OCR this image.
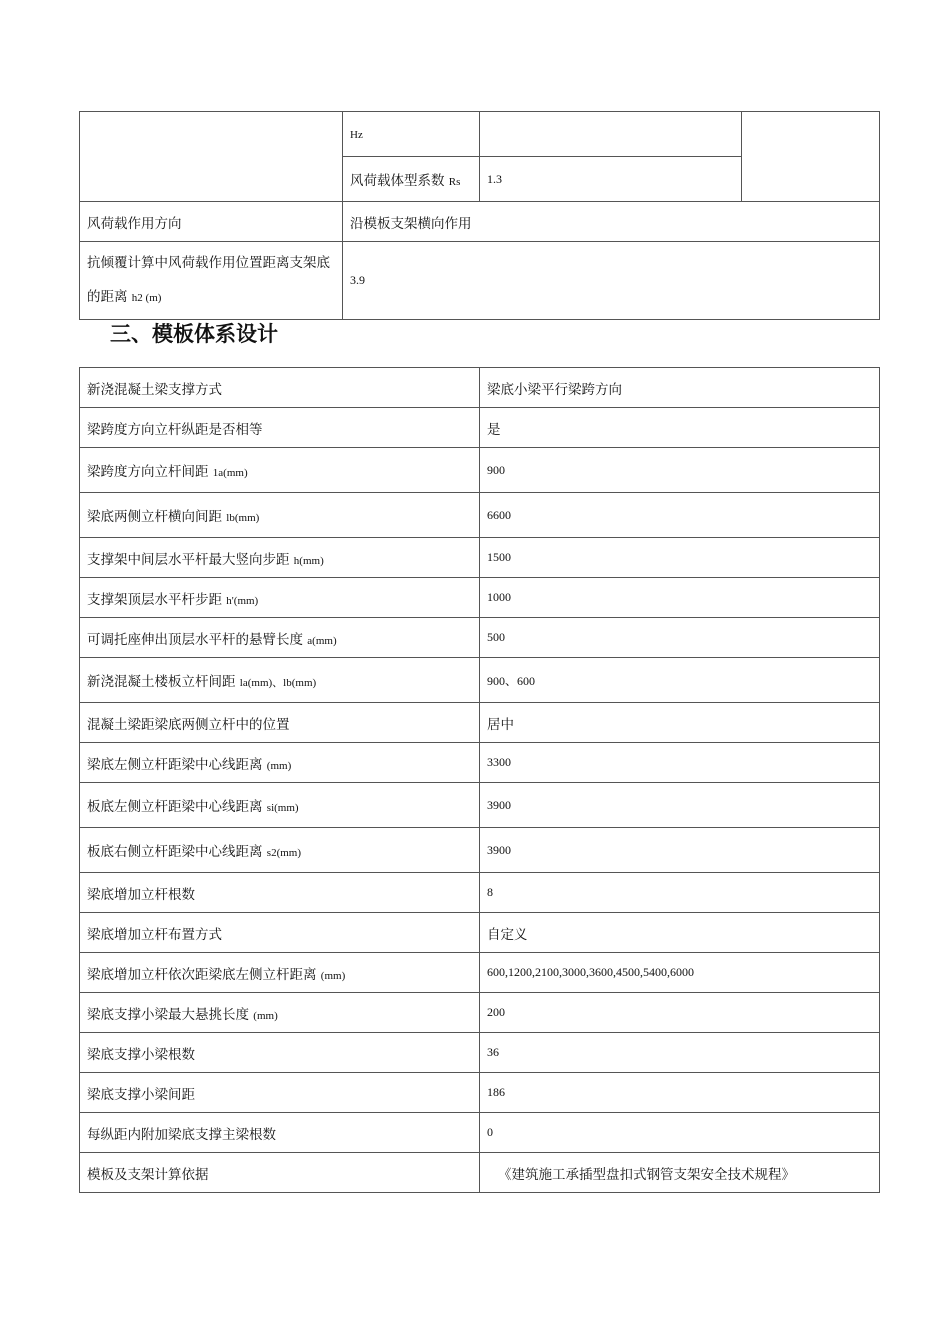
	Hz		
	风荷载体型系数 Rs	1.3	
风荷载作用方向	沿模板支架横向作用		
抗倾覆计算中风荷载作用位置距离支架底的距离 h2 (m)	3.9		
三、模板体系设计
新浇混凝土梁支撑方式	梁底小梁平行梁跨方向
梁跨度方向立杆纵距是否相等	是
梁跨度方向立杆间距 1a(mm)	900
梁底两侧立杆横向间距 lb(mm)	6600
支撑架中间层水平杆最大竖向步距 h(mm)	1500
支撑架顶层水平杆步距 h'(mm)	1000
可调托座伸出顶层水平杆的悬臂长度 a(mm)	500
新浇混凝土楼板立杆间距 la(mm)、lb(mm)	900、600
混凝土梁距梁底两侧立杆中的位置	居中
梁底左侧立杆距梁中心线距离 (mm)	3300
板底左侧立杆距梁中心线距离 si(mm)	3900
板底右侧立杆距梁中心线距离 s2(mm)	3900
梁底增加立杆根数	8
梁底增加立杆布置方式	自定义
梁底增加立杆依次距梁底左侧立杆距离 (mm)	600,1200,2100,3000,3600,4500,5400,6000
梁底支撑小梁最大悬挑长度 (mm)	200
梁底支撑小梁根数	36
梁底支撑小梁间距	186
每纵距内附加梁底支撑主梁根数	0
模板及支架计算依据	《建筑施工承插型盘扣式钢管支架安全技术规程》
